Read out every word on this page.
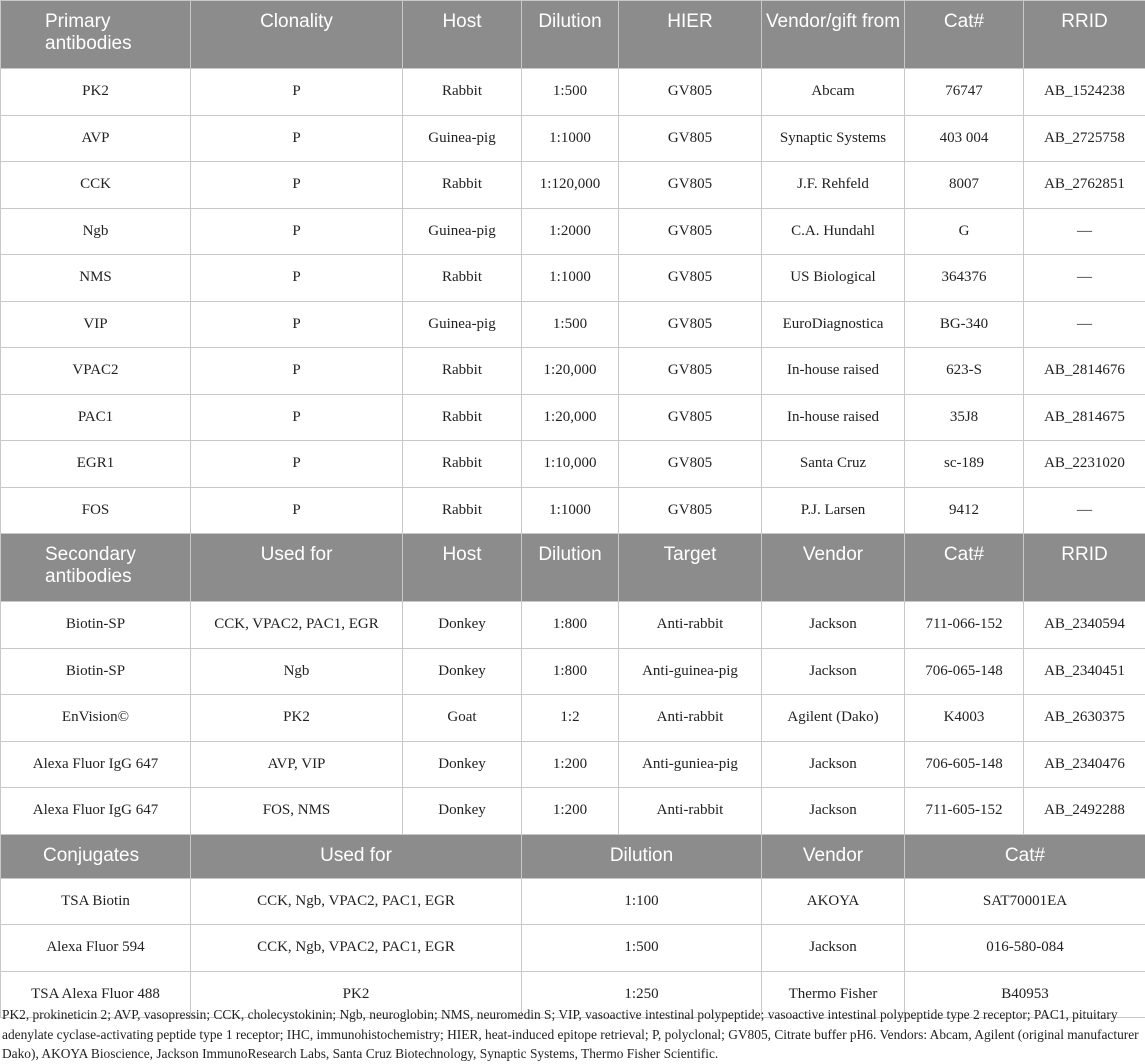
Primary antibodies	Clonality	Host	Dilution	HIER	Vendor/gift from	Cat#	RRID
PK2	P	Rabbit	1:500	GV805	Abcam	76747	AB_1524238
AVP	P	Guinea-pig	1:1000	GV805	Synaptic Systems	403 004	AB_2725758
CCK	P	Rabbit	1:120,000	GV805	J.F. Rehfeld	8007	AB_2762851
Ngb	P	Guinea-pig	1:2000	GV805	C.A. Hundahl	G	—
NMS	P	Rabbit	1:1000	GV805	US Biological	364376	—
VIP	P	Guinea-pig	1:500	GV805	EuroDiagnostica	BG-340	—
VPAC2	P	Rabbit	1:20,000	GV805	In-house raised	623-S	AB_2814676
PAC1	P	Rabbit	1:20,000	GV805	In-house raised	35J8	AB_2814675
EGR1	P	Rabbit	1:10,000	GV805	Santa Cruz	sc-189	AB_2231020
FOS	P	Rabbit	1:1000	GV805	P.J. Larsen	9412	—
Secondary antibodies	Used for	Host	Dilution	Target	Vendor	Cat#	RRID
Biotin-SP	CCK, VPAC2, PAC1, EGR	Donkey	1:800	Anti-rabbit	Jackson	711-066-152	AB_2340594
Biotin-SP	Ngb	Donkey	1:800	Anti-guinea-pig	Jackson	706-065-148	AB_2340451
EnVision©	PK2	Goat	1:2	Anti-rabbit	Agilent (Dako)	K4003	AB_2630375
Alexa Fluor IgG 647	AVP, VIP	Donkey	1:200	Anti-guniea-pig	Jackson	706-605-148	AB_2340476
Alexa Fluor IgG 647	FOS, NMS	Donkey	1:200	Anti-rabbit	Jackson	711-605-152	AB_2492288
Conjugates	Used for		Dilution		Vendor	Cat#	
TSA Biotin	CCK, Ngb, VPAC2, PAC1, EGR		1:100		AKOYA	SAT70001EA	
Alexa Fluor 594	CCK, Ngb, VPAC2, PAC1, EGR		1:500		Jackson	016-580-084	
TSA Alexa Fluor 488	PK2		1:250		Thermo Fisher	B40953	
PK2, prokineticin 2; AVP, vasopressin; CCK, cholecystokinin; Ngb, neuroglobin; NMS, neuromedin S; VIP, vasoactive intestinal polypeptide; vasoactive intestinal polypeptide type 2 receptor; PAC1, pituitary adenylate cyclase-activating peptide type 1 receptor; IHC, immunohistochemistry; HIER, heat-induced epitope retrieval; P, polyclonal; GV805, Citrate buffer pH6. Vendors: Abcam, Agilent (original manufacturer Dako), AKOYA Bioscience, Jackson ImmunoResearch Labs, Santa Cruz Biotechnology, Synaptic Systems, Thermo Fisher Scientific.
